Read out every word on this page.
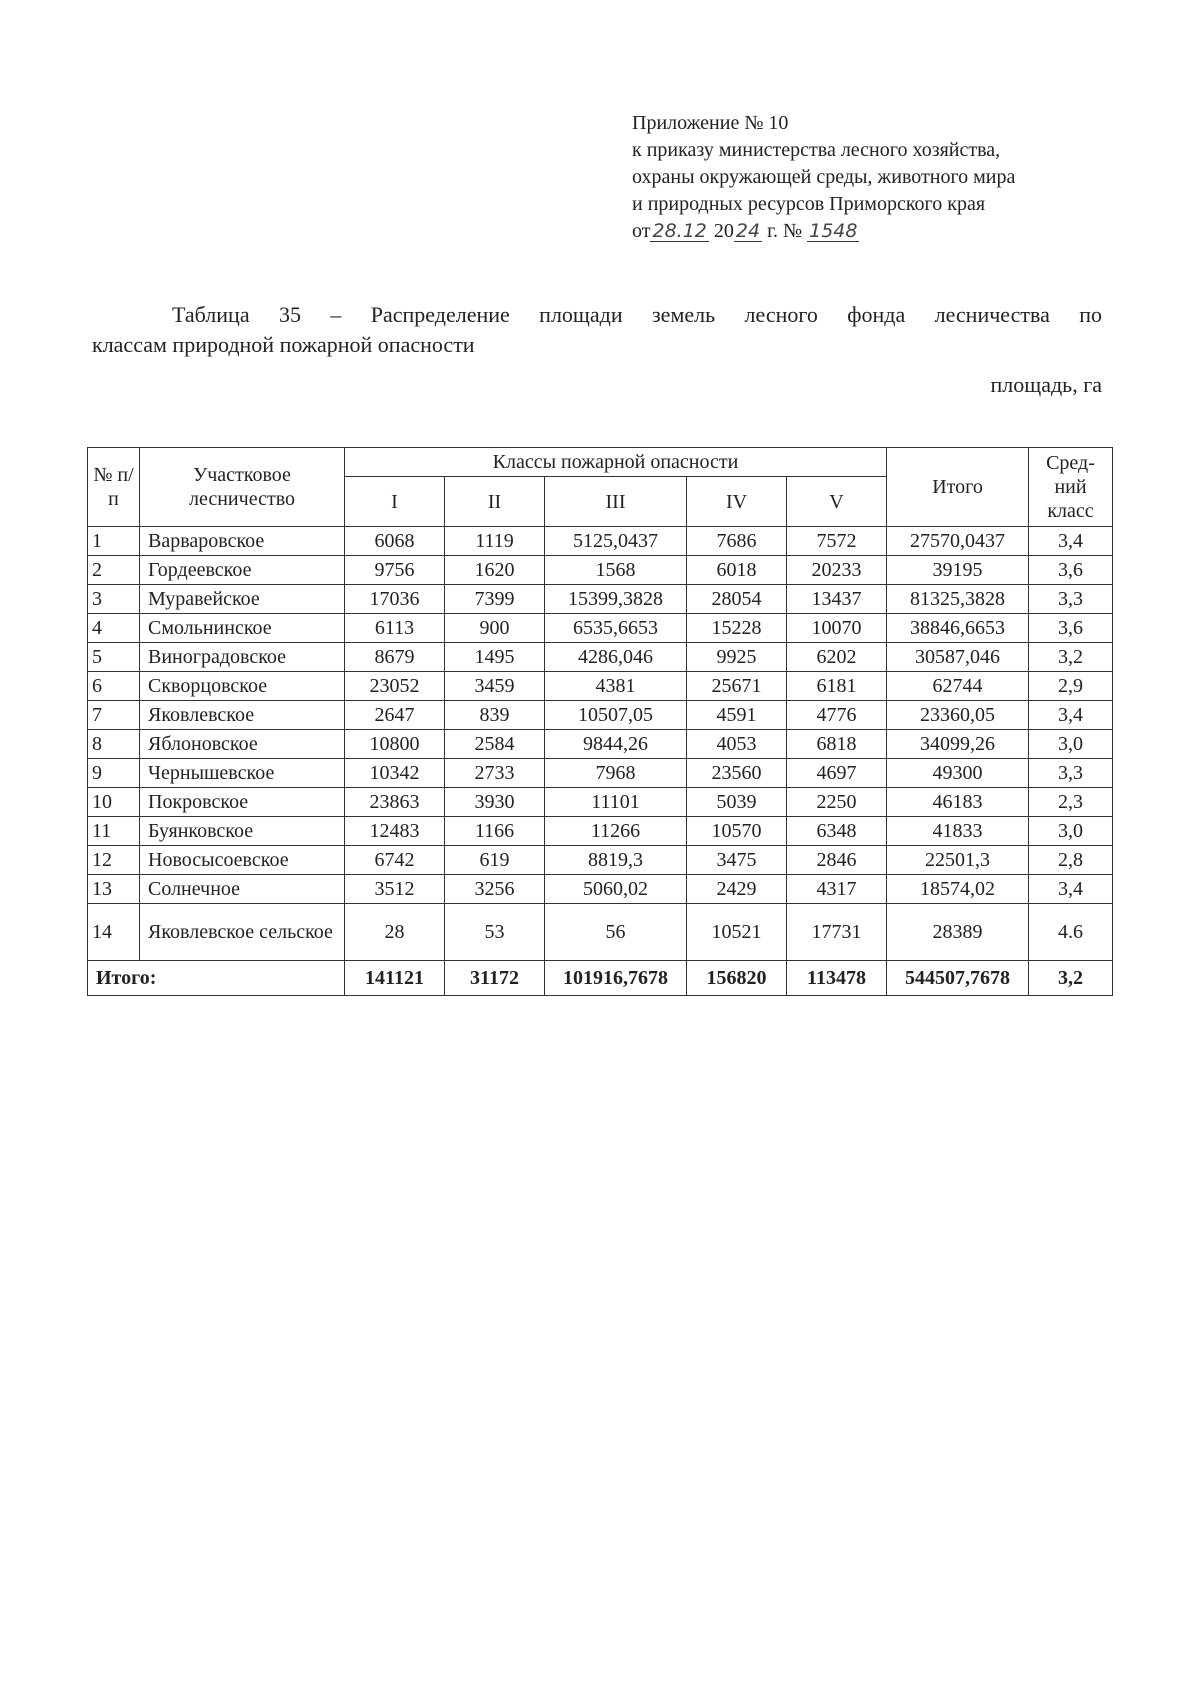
Приложение № 10
к приказу министерства лесного хозяйства,
охраны окружающей среды, животного мира
и природных ресурсов Приморского края
от 28.12 20 24 г. № 1548
Таблица 35 – Распределение площади земель лесного фонда лесничества по
классам природной пожарной опасности
площадь, га
№ п/п	Участковое лесничество	Классы пожарной опасности					Итого	Сред-ний класс
		I	II	III	IV	V		
1	Варваровское	6068	1119	5125,0437	7686	7572	27570,0437	3,4
2	Гордеевское	9756	1620	1568	6018	20233	39195	3,6
3	Муравейское	17036	7399	15399,3828	28054	13437	81325,3828	3,3
4	Смольнинское	6113	900	6535,6653	15228	10070	38846,6653	3,6
5	Виноградовское	8679	1495	4286,046	9925	6202	30587,046	3,2
6	Скворцовское	23052	3459	4381	25671	6181	62744	2,9
7	Яковлевское	2647	839	10507,05	4591	4776	23360,05	3,4
8	Яблоновское	10800	2584	9844,26	4053	6818	34099,26	3,0
9	Чернышевское	10342	2733	7968	23560	4697	49300	3,3
10	Покровское	23863	3930	11101	5039	2250	46183	2,3
11	Буянковское	12483	1166	11266	10570	6348	41833	3,0
12	Новосысоевское	6742	619	8819,3	3475	2846	22501,3	2,8
13	Солнечное	3512	3256	5060,02	2429	4317	18574,02	3,4
14	Яковлевское сельское	28	53	56	10521	17731	28389	4.6
Итого:		141121	31172	101916,7678	156820	113478	544507,7678	3,2
